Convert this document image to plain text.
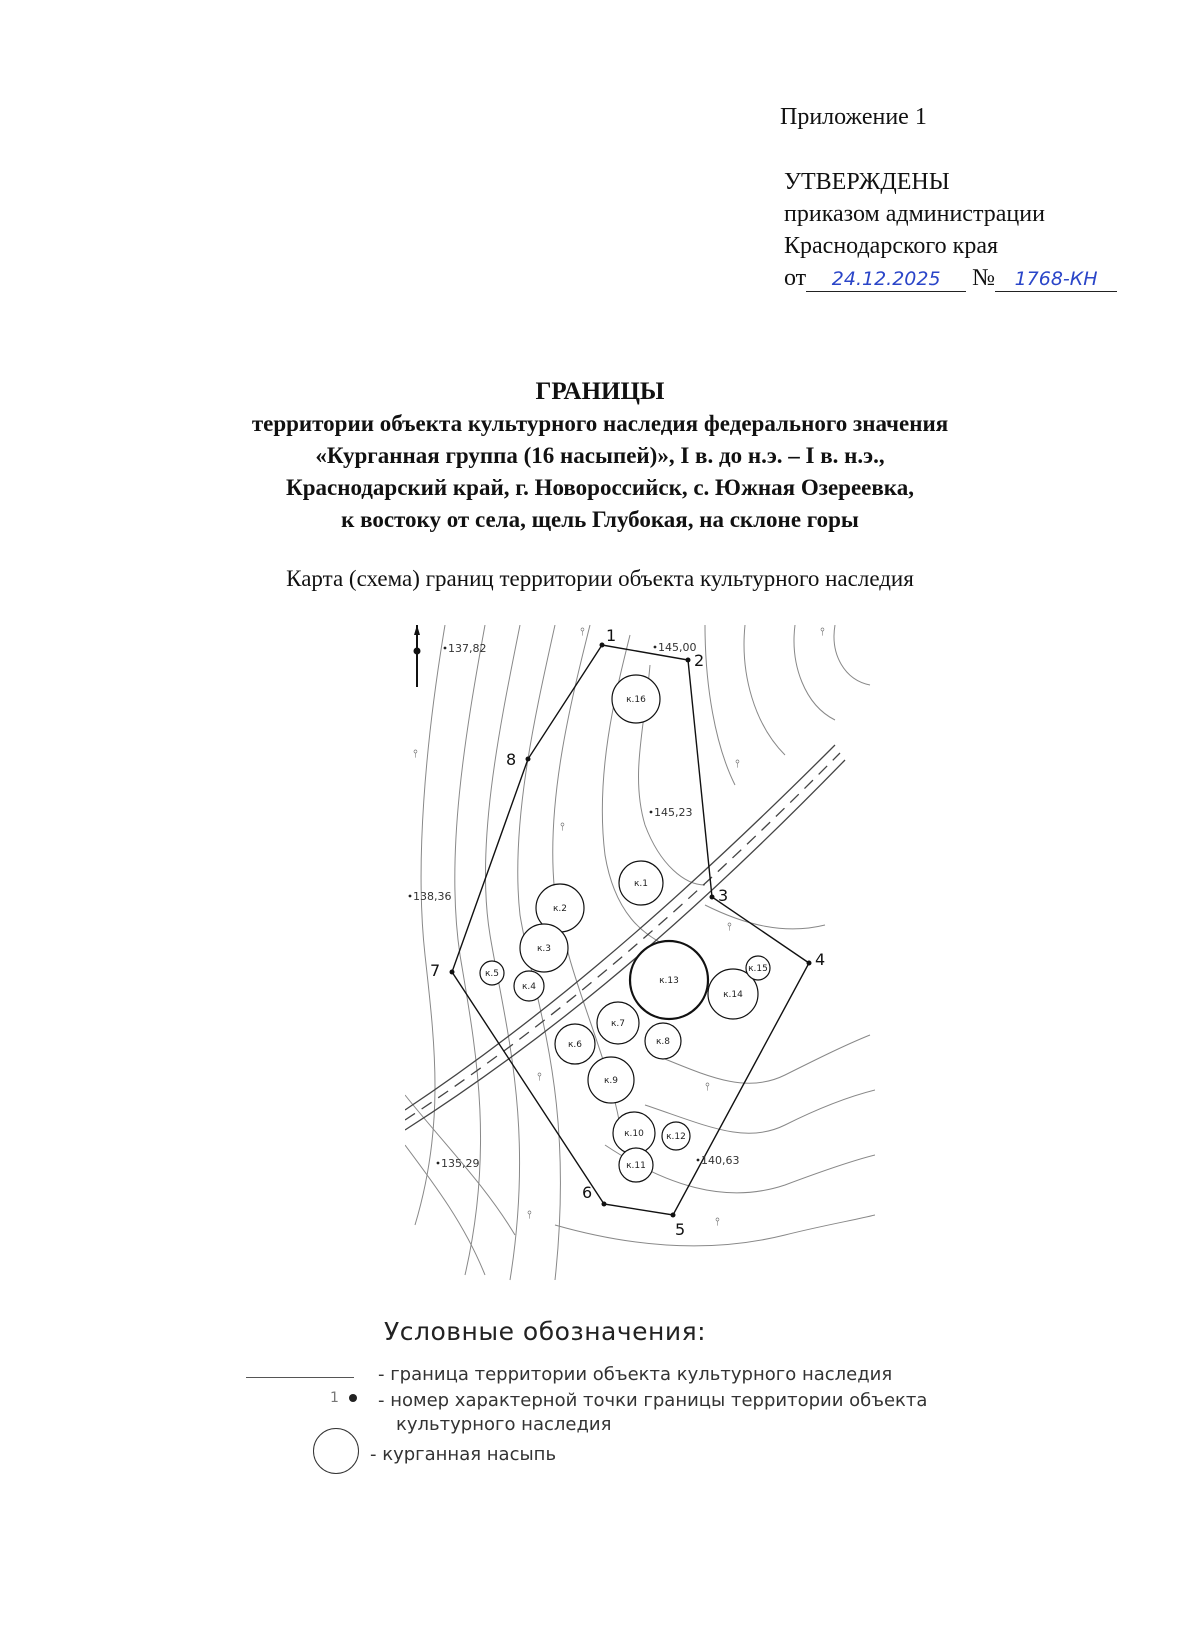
Приложение 1
УТВЕРЖДЕНЫ
приказом администрации
Краснодарского края
от 24.12.2025 № 1768-КН
ГРАНИЦЫ
территории объекта культурного наследия федерального значения
«Курганная группа (16 насыпей)», I в. до н.э. – I в. н.э.,
Краснодарский край, г. Новороссийск, с. Южная Озереевка,
к востоку от села, щель Глубокая, на склоне горы
Карта (схема) границ территории объекта культурного наследия
⫯	⫯
⫯
⫯
⫯
⫯
⫯
⫯
⫯
⫯
к.1
к.2
к.3
к.4
к.5
к.6
к.7
к.8
к.9
к.10
к.11
к.12
к.13
к.14
к.15
к.16
137,82	145,00
145,23
138,36
135,29	140,63
1
2
3
4
5
6
7
8
Условные обозначения:
- граница территории объекта культурного наследия
1	- номер характерной точки границы территории объекта
культурного наследия
- курганная насыпь
